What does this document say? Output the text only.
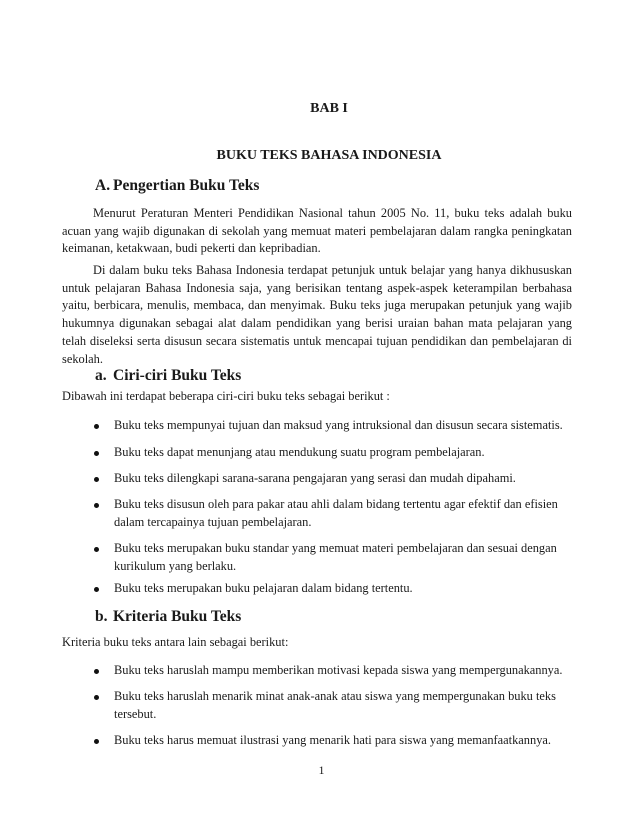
BAB I
BUKU TEKS BAHASA INDONESIA
A. Pengertian Buku Teks

Menurut Peraturan Menteri Pendidikan Nasional tahun 2005 No. 11, buku teks adalah buku acuan yang wajib digunakan di sekolah yang memuat materi pembelajaran dalam rangka peningkatan keimanan, ketakwaan, budi pekerti dan kepribadian.

Di dalam buku teks Bahasa Indonesia terdapat petunjuk untuk belajar yang hanya dikhususkan untuk pelajaran Bahasa Indonesia saja, yang berisikan tentang aspek-aspek keterampilan berbahasa yaitu, berbicara, menulis, membaca, dan menyimak. Buku teks juga merupakan petunjuk yang wajib hukumnya digunakan sebagai alat dalam pendidikan yang berisi uraian bahan mata pelajaran yang telah diseleksi serta disusun secara sistematis untuk mencapai tujuan pendidikan dan pembelajaran di sekolah.

a. Ciri-ciri Buku Teks
Dibawah ini terdapat beberapa ciri-ciri buku teks sebagai berikut :
Buku teks mempunyai tujuan dan maksud yang intruksional dan disusun secara sistematis.
Buku teks dapat menunjang atau mendukung suatu program pembelajaran.
Buku teks dilengkapi sarana-sarana pengajaran yang serasi dan mudah dipahami.
Buku teks disusun oleh para pakar atau ahli dalam bidang tertentu agar efektif dan efisien dalam tercapainya tujuan pembelajaran.
Buku teks merupakan buku standar yang memuat materi pembelajaran dan sesuai dengan kurikulum yang berlaku.
Buku teks merupakan buku pelajaran dalam bidang tertentu.
b. Kriteria Buku Teks
Kriteria buku teks antara lain sebagai berikut:
Buku teks haruslah mampu memberikan motivasi kepada siswa yang mempergunakannya.
Buku teks haruslah menarik minat anak-anak atau siswa yang mempergunakan buku teks tersebut.
Buku teks harus memuat ilustrasi yang menarik hati para siswa yang memanfaatkannya.
1
